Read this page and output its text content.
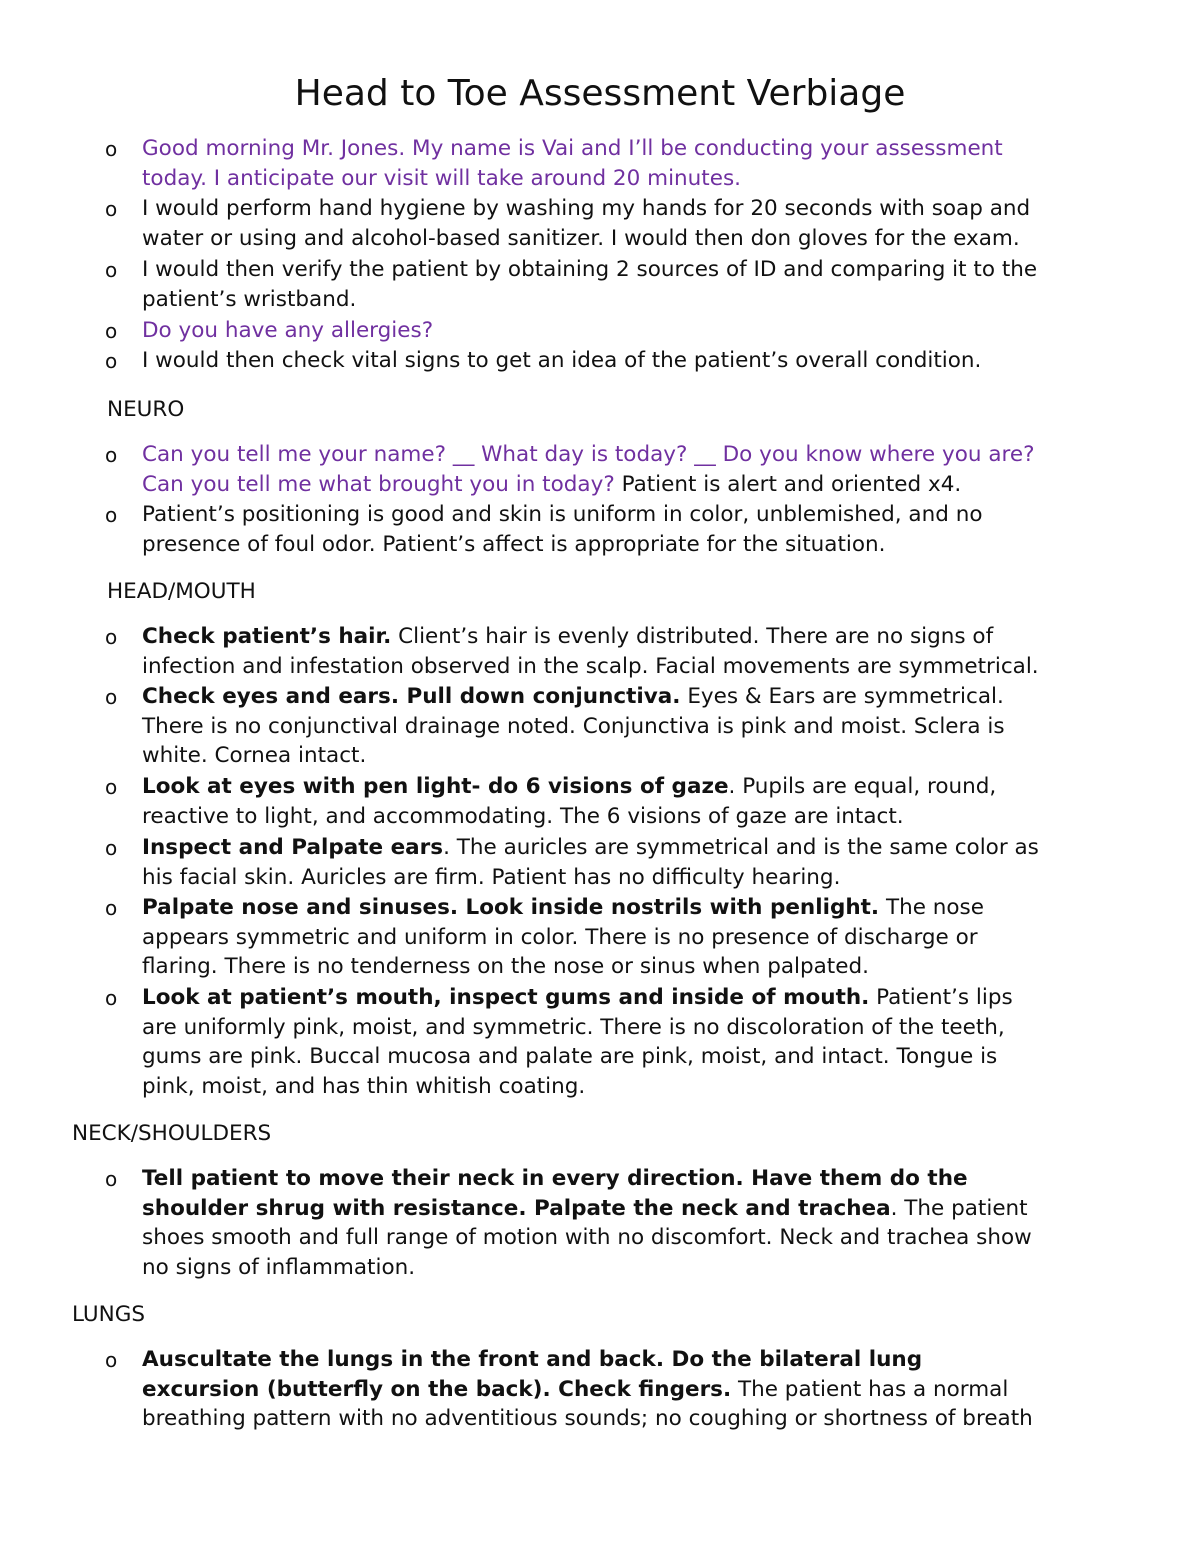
Head to Toe Assessment Verbiage
o Good morning Mr. Jones. My name is Vai and I’ll be conducting your assessment
today. I anticipate our visit will take around 20 minutes.
o I would perform hand hygiene by washing my hands for 20 seconds with soap and
water or using and alcohol-based sanitizer. I would then don gloves for the exam.
o I would then verify the patient by obtaining 2 sources of ID and comparing it to the
patient’s wristband.
o Do you have any allergies?
o I would then check vital signs to get an idea of the patient’s overall condition.
NEURO
o Can you tell me your name? __ What day is today? __ Do you know where you are?
Can you tell me what brought you in today? Patient is alert and oriented x4.
o Patient’s positioning is good and skin is uniform in color, unblemished, and no
presence of foul odor. Patient’s affect is appropriate for the situation.
HEAD/MOUTH
o Check patient’s hair. Client’s hair is evenly distributed. There are no signs of
infection and infestation observed in the scalp. Facial movements are symmetrical.
o Check eyes and ears. Pull down conjunctiva. Eyes & Ears are symmetrical.
There is no conjunctival drainage noted. Conjunctiva is pink and moist. Sclera is
white. Cornea intact.
o Look at eyes with pen light- do 6 visions of gaze. Pupils are equal, round,
reactive to light, and accommodating. The 6 visions of gaze are intact.
o Inspect and Palpate ears. The auricles are symmetrical and is the same color as
his facial skin. Auricles are firm. Patient has no difficulty hearing.
o Palpate nose and sinuses. Look inside nostrils with penlight. The nose
appears symmetric and uniform in color. There is no presence of discharge or
flaring. There is no tenderness on the nose or sinus when palpated.
o Look at patient’s mouth, inspect gums and inside of mouth. Patient’s lips
are uniformly pink, moist, and symmetric. There is no discoloration of the teeth,
gums are pink. Buccal mucosa and palate are pink, moist, and intact. Tongue is
pink, moist, and has thin whitish coating.
NECK/SHOULDERS
o Tell patient to move their neck in every direction. Have them do the
shoulder shrug with resistance. Palpate the neck and trachea. The patient
shoes smooth and full range of motion with no discomfort. Neck and trachea show
no signs of inflammation.
LUNGS
o Auscultate the lungs in the front and back. Do the bilateral lung
excursion (butterfly on the back). Check fingers. The patient has a normal
breathing pattern with no adventitious sounds; no coughing or shortness of breath
